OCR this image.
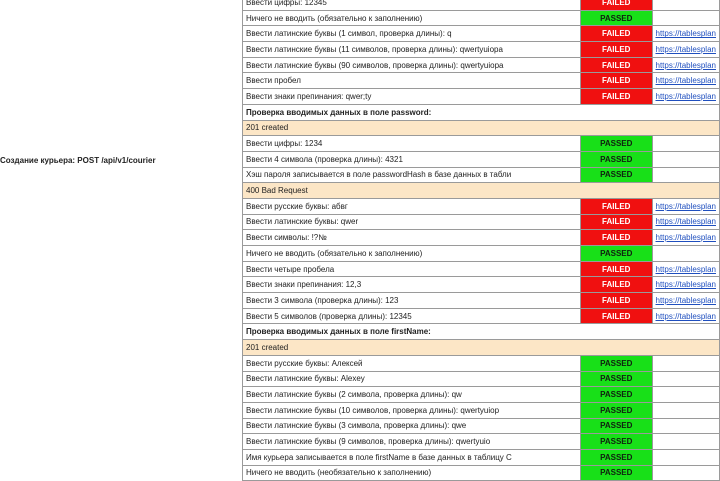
Создание курьера: POST /api/v1/courier
Ввести цифры: 12345	FAILED	
Ничего не вводить (обязательно к заполнению)	PASSED	
Ввести латинские буквы (1 символ, проверка длины): q	FAILED	https://tablesplan
Ввести латинские буквы (11 символов, проверка длины): qwertyuiopa	FAILED	https://tablesplan
Ввести латинские буквы (90 символов, проверка длины): qwertyuiopa	FAILED	https://tablesplan
Ввести пробел	FAILED	https://tablesplan
Ввести знаки препинания: qwer;ty	FAILED	https://tablesplan
Проверка вводимых данных в поле password:		
201 created		
Ввести цифры: 1234	PASSED	
Ввести 4 символа (проверка длины): 4321	PASSED	
Хэш пароля записывается в поле passwordHash в базе данных в табли	PASSED	
400 Bad Request		
Ввести русские буквы: абвг	FAILED	https://tablesplan
Ввести латинские буквы: qwer	FAILED	https://tablesplan
Ввести символы: !?№	FAILED	https://tablesplan
Ничего не вводить (обязательно к заполнению)	PASSED	
Ввести четыре пробела	FAILED	https://tablesplan
Ввести знаки препинания: 12,3	FAILED	https://tablesplan
Ввести 3 символа (проверка длины): 123	FAILED	https://tablesplan
Ввести 5 символов (проверка длины): 12345	FAILED	https://tablesplan
Проверка вводимых данных в поле firstName:		
201 created		
Ввести русские буквы: Алексей	PASSED	
Ввести латинские буквы: Alexey	PASSED	
Ввести латинские буквы (2 символа, проверка длины): qw	PASSED	
Ввести латинские буквы (10 символов, проверка длины): qwertyuiop	PASSED	
Ввести латинские буквы (3 символа, проверка длины): qwe	PASSED	
Ввести латинские буквы (9 символов, проверка длины): qwertyuio	PASSED	
Имя курьера записывается в поле firstName в базе данных в таблицу C	PASSED	
Ничего не вводить (необязательно к заполнению)	PASSED	
